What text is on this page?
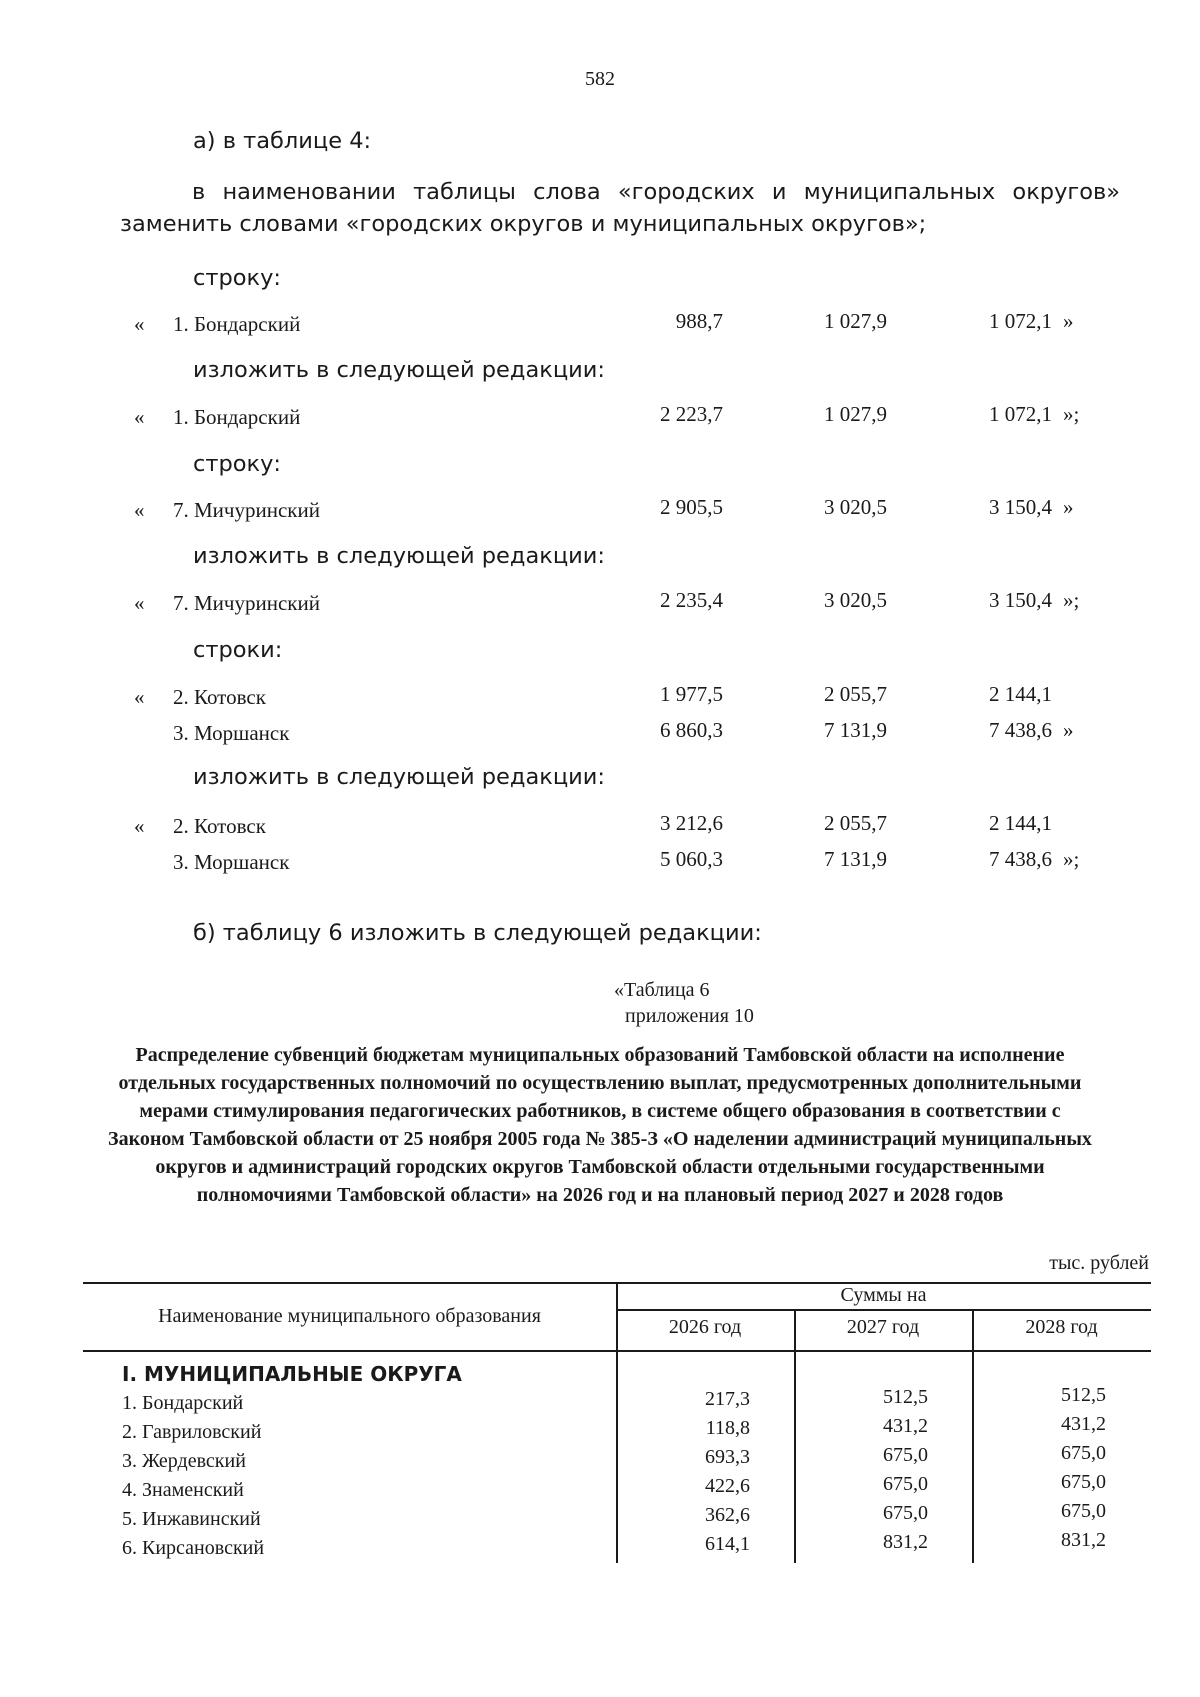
582
а) в таблице 4:
в наименовании таблицы слова «городских и муниципальных округов» заменить словами «городских округов и муниципальных округов»;
строку:
« 1. Бондарский	988,7	1 027,9	1 072,1 »
изложить в следующей редакции:
« 1. Бондарский	2 223,7	1 027,9	1 072,1 »;
строку:
« 7. Мичуринский	2 905,5	3 020,5	3 150,4 »
изложить в следующей редакции:
« 7. Мичуринский	2 235,4	3 020,5	3 150,4 »;
строки:
« 2. Котовск	1 977,5	2 055,7	2 144,1
3. Моршанск	6 860,3	7 131,9	7 438,6 »
изложить в следующей редакции:
« 2. Котовск	3 212,6	2 055,7	2 144,1
3. Моршанск	5 060,3	7 131,9	7 438,6 »;
б) таблицу 6 изложить в следующей редакции:
«Таблица 6
приложения 10
Распределение субвенций бюджетам муниципальных образований Тамбовской области на исполнение отдельных государственных полномочий по осуществлению выплат, предусмотренных дополнительными мерами стимулирования педагогических работников, в системе общего образования в соответствии с Законом Тамбовской области от 25 ноября 2005 года № 385-З «О наделении администраций муниципальных округов и администраций городских округов Тамбовской области отдельными государственными полномочиями Тамбовской области» на 2026 год и на плановый период 2027 и 2028 годов
тыс. рублей
Наименование муниципального образования
Суммы на
2026 год	2027 год	2028 год
I. МУНИЦИПАЛЬНЫЕ ОКРУГА
1. Бондарский	217,3	512,5	512,5
2. Гавриловский	118,8	431,2	431,2
3. Жердевский	693,3	675,0	675,0
4. Знаменский	422,6	675,0	675,0
5. Инжавинский	362,6	675,0	675,0
6. Кирсановский	614,1	831,2	831,2
